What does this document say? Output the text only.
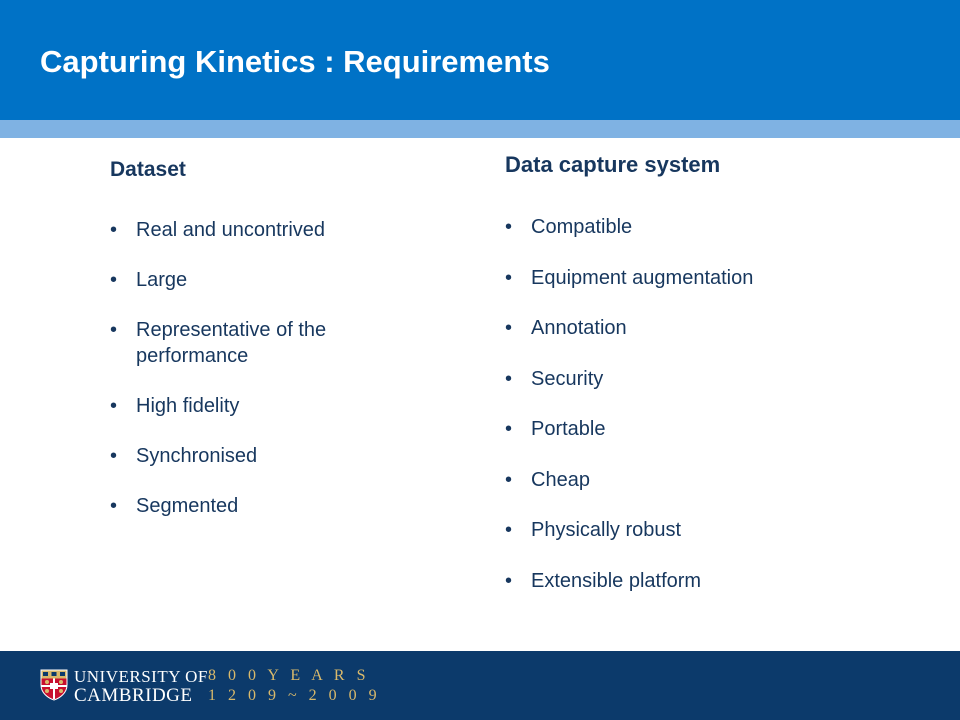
Capturing Kinetics : Requirements
Dataset
• Real and uncontrived
• Large
• Representative of the performance
• High fidelity
• Synchronised
• Segmented
Data capture system
• Compatible
• Equipment augmentation
• Annotation
• Security
• Portable
• Cheap
• Physically robust
• Extensible platform
UNIVERSITY OF
CAMBRIDGE
8 0 0 Y E A R S
1 2 0 9 ~ 2 0 0 9
